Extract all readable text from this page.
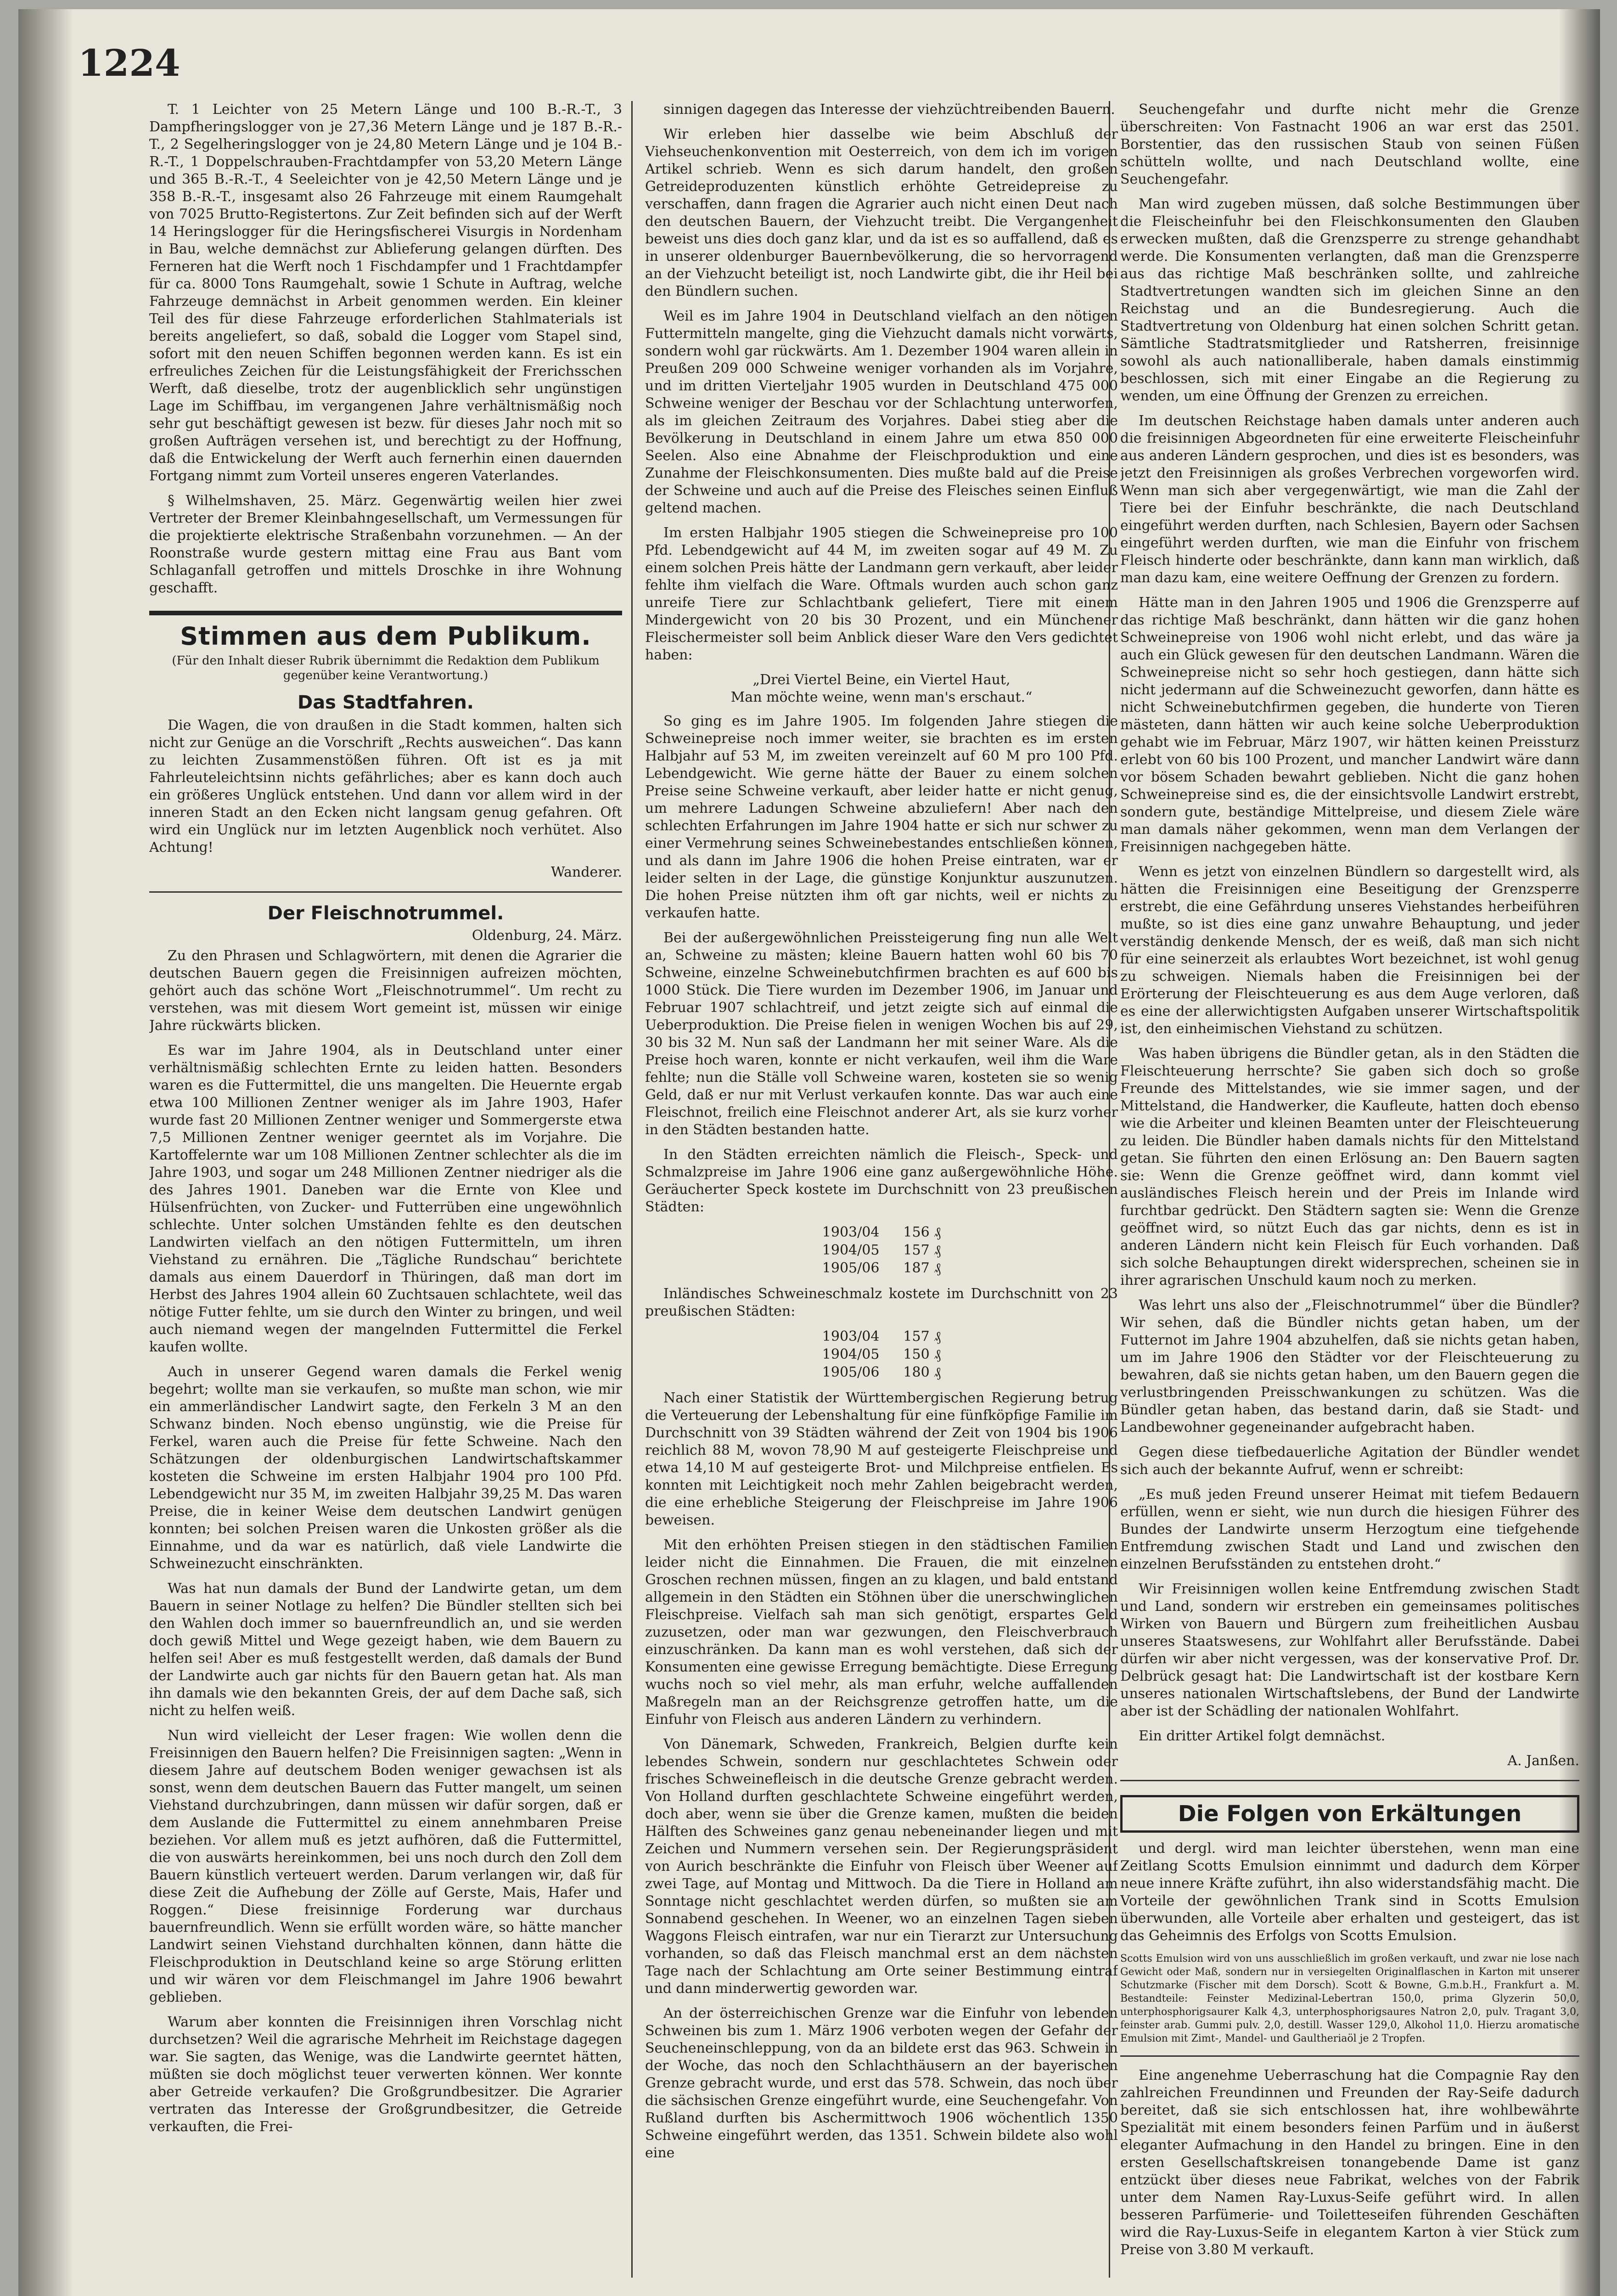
1224

T. 1 Leichter von 25 Metern Länge und 100 B.-R.-T., 3 Dampfheringslogger von je 27,36 Metern Länge und je 187 B.-R.-T., 2 Segelheringslogger von je 24,80 Metern Länge und je 104 B.-R.-T., 1 Doppelschrauben-Frachtdampfer von 53,20 Metern Länge und 365 B.-R.-T., 4 Seeleichter von je 42,50 Metern Länge und je 358 B.-R.-T., insgesamt also 26 Fahrzeuge mit einem Raumgehalt von 7025 Brutto-Registertons. Zur Zeit befinden sich auf der Werft 14 Heringslogger für die Heringsfischerei Visurgis in Nordenham in Bau, welche demnächst zur Ablieferung gelangen dürften. Des Ferneren hat die Werft noch 1 Fischdampfer und 1 Frachtdampfer für ca. 8000 Tons Raumgehalt, sowie 1 Schute in Auftrag, welche Fahrzeuge demnächst in Arbeit genommen werden. Ein kleiner Teil des für diese Fahrzeuge erforderlichen Stahlmaterials ist bereits angeliefert, so daß, sobald die Logger vom Stapel sind, sofort mit den neuen Schiffen begonnen werden kann. Es ist ein erfreuliches Zeichen für die Leistungsfähigkeit der Frerichsschen Werft, daß dieselbe, trotz der augenblicklich sehr ungünstigen Lage im Schiffbau, im vergangenen Jahre verhältnismäßig noch sehr gut beschäftigt gewesen ist bezw. für dieses Jahr noch mit so großen Aufträgen versehen ist, und berechtigt zu der Hoffnung, daß die Entwickelung der Werft auch fernerhin einen dauernden Fortgang nimmt zum Vorteil unseres engeren Vaterlandes.

§ Wilhelmshaven, 25. März. Gegenwärtig weilen hier zwei Vertreter der Bremer Kleinbahngesellschaft, um Vermessungen für die projektierte elektrische Straßenbahn vorzunehmen. — An der Roonstraße wurde gestern mittag eine Frau aus Bant vom Schlaganfall getroffen und mittels Droschke in ihre Wohnung geschafft.

Stimmen aus dem Publikum.
(Für den Inhalt dieser Rubrik übernimmt die Redaktion dem Publikum gegenüber keine Verantwortung.)
Das Stadtfahren.

Die Wagen, die von draußen in die Stadt kommen, halten sich nicht zur Genüge an die Vorschrift „Rechts ausweichen“. Das kann zu leichten Zusammenstößen führen. Oft ist es ja mit Fahrleuteleichtsinn nichts gefährliches; aber es kann doch auch ein größeres Unglück entstehen. Und dann vor allem wird in der inneren Stadt an den Ecken nicht langsam genug gefahren. Oft wird ein Unglück nur im letzten Augenblick noch verhütet. Also Achtung!

Wanderer.

Der Fleischnotrummel.
Oldenburg, 24. März.

Zu den Phrasen und Schlagwörtern, mit denen die Agrarier die deutschen Bauern gegen die Freisinnigen aufreizen möchten, gehört auch das schöne Wort „Fleischnotrummel“. Um recht zu verstehen, was mit diesem Wort gemeint ist, müssen wir einige Jahre rückwärts blicken.

Es war im Jahre 1904, als in Deutschland unter einer verhältnismäßig schlechten Ernte zu leiden hatten. Besonders waren es die Futtermittel, die uns mangelten. Die Heuernte ergab etwa 100 Millionen Zentner weniger als im Jahre 1903, Hafer wurde fast 20 Millionen Zentner weniger und Sommergerste etwa 7,5 Millionen Zentner weniger geerntet als im Vorjahre. Die Kartoffelernte war um 108 Millionen Zentner schlechter als die im Jahre 1903, und sogar um 248 Millionen Zentner niedriger als die des Jahres 1901. Daneben war die Ernte von Klee und Hülsenfrüchten, von Zucker- und Futterrüben eine ungewöhnlich schlechte. Unter solchen Umständen fehlte es den deutschen Landwirten vielfach an den nötigen Futtermitteln, um ihren Viehstand zu ernähren. Die „Tägliche Rundschau“ berichtete damals aus einem Dauerdorf in Thüringen, daß man dort im Herbst des Jahres 1904 allein 60 Zuchtsauen schlachtete, weil das nötige Futter fehlte, um sie durch den Winter zu bringen, und weil auch niemand wegen der mangelnden Futtermittel die Ferkel kaufen wollte.

Auch in unserer Gegend waren damals die Ferkel wenig begehrt; wollte man sie verkaufen, so mußte man schon, wie mir ein ammerländischer Landwirt sagte, den Ferkeln 3 M an den Schwanz binden. Noch ebenso ungünstig, wie die Preise für Ferkel, waren auch die Preise für fette Schweine. Nach den Schätzungen der oldenburgischen Landwirtschaftskammer kosteten die Schweine im ersten Halbjahr 1904 pro 100 Pfd. Lebendgewicht nur 35 M, im zweiten Halbjahr 39,25 M. Das waren Preise, die in keiner Weise dem deutschen Landwirt genügen konnten; bei solchen Preisen waren die Unkosten größer als die Einnahme, und da war es natürlich, daß viele Landwirte die Schweinezucht einschränkten.

Was hat nun damals der Bund der Landwirte getan, um dem Bauern in seiner Notlage zu helfen? Die Bündler stellten sich bei den Wahlen doch immer so bauernfreundlich an, und sie werden doch gewiß Mittel und Wege gezeigt haben, wie dem Bauern zu helfen sei! Aber es muß festgestellt werden, daß damals der Bund der Landwirte auch gar nichts für den Bauern getan hat. Als man ihn damals wie den bekannten Greis, der auf dem Dache saß, sich nicht zu helfen weiß.

Nun wird vielleicht der Leser fragen: Wie wollen denn die Freisinnigen den Bauern helfen? Die Freisinnigen sagten: „Wenn in diesem Jahre auf deutschem Boden weniger gewachsen ist als sonst, wenn dem deutschen Bauern das Futter mangelt, um seinen Viehstand durchzubringen, dann müssen wir dafür sorgen, daß er dem Auslande die Futtermittel zu einem annehmbaren Preise beziehen. Vor allem muß es jetzt aufhören, daß die Futtermittel, die von auswärts hereinkommen, bei uns noch durch den Zoll dem Bauern künstlich verteuert werden. Darum verlangen wir, daß für diese Zeit die Aufhebung der Zölle auf Gerste, Mais, Hafer und Roggen.“ Diese freisinnige Forderung war durchaus bauernfreundlich. Wenn sie erfüllt worden wäre, so hätte mancher Landwirt seinen Viehstand durchhalten können, dann hätte die Fleischproduktion in Deutschland keine so arge Störung erlitten und wir wären vor dem Fleischmangel im Jahre 1906 bewahrt geblieben.

Warum aber konnten die Freisinnigen ihren Vorschlag nicht durchsetzen? Weil die agrarische Mehrheit im Reichstage dagegen war. Sie sagten, das Wenige, was die Landwirte geerntet hätten, müßten sie doch möglichst teuer verwerten können. Wer konnte aber Getreide verkaufen? Die Großgrundbesitzer. Die Agrarier vertraten das Interesse der Großgrundbesitzer, die Getreide verkauften, die Frei-

sinnigen dagegen das Interesse der viehzüchtreibenden Bauern.

Wir erleben hier dasselbe wie beim Abschluß der Viehseuchenkonvention mit Oesterreich, von dem ich im vorigen Artikel schrieb. Wenn es sich darum handelt, den großen Getreideproduzenten künstlich erhöhte Getreidepreise zu verschaffen, dann fragen die Agrarier auch nicht einen Deut nach den deutschen Bauern, der Viehzucht treibt. Die Vergangenheit beweist uns dies doch ganz klar, und da ist es so auffallend, daß es in unserer oldenburger Bauernbevölkerung, die so hervorragend an der Viehzucht beteiligt ist, noch Landwirte gibt, die ihr Heil bei den Bündlern suchen.

Weil es im Jahre 1904 in Deutschland vielfach an den nötigen Futtermitteln mangelte, ging die Viehzucht damals nicht vorwärts, sondern wohl gar rückwärts. Am 1. Dezember 1904 waren allein in Preußen 209 000 Schweine weniger vorhanden als im Vorjahre, und im dritten Vierteljahr 1905 wurden in Deutschland 475 000 Schweine weniger der Beschau vor der Schlachtung unterworfen, als im gleichen Zeitraum des Vorjahres. Dabei stieg aber die Bevölkerung in Deutschland in einem Jahre um etwa 850 000 Seelen. Also eine Abnahme der Fleischproduktion und eine Zunahme der Fleischkonsumenten. Dies mußte bald auf die Preise der Schweine und auch auf die Preise des Fleisches seinen Einfluß geltend machen.

Im ersten Halbjahr 1905 stiegen die Schweinepreise pro 100 Pfd. Lebendgewicht auf 44 M, im zweiten sogar auf 49 M. Zu einem solchen Preis hätte der Landmann gern verkauft, aber leider fehlte ihm vielfach die Ware. Oftmals wurden auch schon ganz unreife Tiere zur Schlachtbank geliefert, Tiere mit einem Mindergewicht von 20 bis 30 Prozent, und ein Münchener Fleischermeister soll beim Anblick dieser Ware den Vers gedichtet haben:

„Drei Viertel Beine, ein Viertel Haut,
Man möchte weine, wenn man's erschaut.“

So ging es im Jahre 1905. Im folgenden Jahre stiegen die Schweinepreise noch immer weiter, sie brachten es im ersten Halbjahr auf 53 M, im zweiten vereinzelt auf 60 M pro 100 Pfd. Lebendgewicht. Wie gerne hätte der Bauer zu einem solchen Preise seine Schweine verkauft, aber leider hatte er nicht genug, um mehrere Ladungen Schweine abzuliefern! Aber nach den schlechten Erfahrungen im Jahre 1904 hatte er sich nur schwer zu einer Vermehrung seines Schweinebestandes entschließen können, und als dann im Jahre 1906 die hohen Preise eintraten, war er leider selten in der Lage, die günstige Konjunktur auszunutzen. Die hohen Preise nützten ihm oft gar nichts, weil er nichts zu verkaufen hatte.

Bei der außergewöhnlichen Preissteigerung fing nun alle Welt an, Schweine zu mästen; kleine Bauern hatten wohl 60 bis 70 Schweine, einzelne Schweinebutchfirmen brachten es auf 600 bis 1000 Stück. Die Tiere wurden im Dezember 1906, im Januar und Februar 1907 schlachtreif, und jetzt zeigte sich auf einmal die Ueberproduktion. Die Preise fielen in wenigen Wochen bis auf 29, 30 bis 32 M. Nun saß der Landmann her mit seiner Ware. Als die Preise hoch waren, konnte er nicht verkaufen, weil ihm die Ware fehlte; nun die Ställe voll Schweine waren, kosteten sie so wenig Geld, daß er nur mit Verlust verkaufen konnte. Das war auch eine Fleischnot, freilich eine Fleischnot anderer Art, als sie kurz vorher in den Städten bestanden hatte.

In den Städten erreichten nämlich die Fleisch-, Speck- und Schmalzpreise im Jahre 1906 eine ganz außergewöhnliche Höhe. Geräucherter Speck kostete im Durchschnitt von 23 preußischen Städten:

1903/04	156 ₰
1904/05	157 ₰
1905/06	187 ₰

Inländisches Schweineschmalz kostete im Durchschnitt von 23 preußischen Städten:

1903/04	157 ₰
1904/05	150 ₰
1905/06	180 ₰

Nach einer Statistik der Württembergischen Regierung betrug die Verteuerung der Lebenshaltung für eine fünfköpfige Familie im Durchschnitt von 39 Städten während der Zeit von 1904 bis 1906 reichlich 88 M, wovon 78,90 M auf gesteigerte Fleischpreise und etwa 14,10 M auf gesteigerte Brot- und Milchpreise entfielen. Es konnten mit Leichtigkeit noch mehr Zahlen beigebracht werden, die eine erhebliche Steigerung der Fleischpreise im Jahre 1906 beweisen.

Mit den erhöhten Preisen stiegen in den städtischen Familien leider nicht die Einnahmen. Die Frauen, die mit einzelnen Groschen rechnen müssen, fingen an zu klagen, und bald entstand allgemein in den Städten ein Stöhnen über die unerschwinglichen Fleischpreise. Vielfach sah man sich genötigt, erspartes Geld zuzusetzen, oder man war gezwungen, den Fleischverbrauch einzuschränken. Da kann man es wohl verstehen, daß sich der Konsumenten eine gewisse Erregung bemächtigte. Diese Erregung wuchs noch so viel mehr, als man erfuhr, welche auffallenden Maßregeln man an der Reichsgrenze getroffen hatte, um die Einfuhr von Fleisch aus anderen Ländern zu verhindern.

Von Dänemark, Schweden, Frankreich, Belgien durfte kein lebendes Schwein, sondern nur geschlachtetes Schwein oder frisches Schweinefleisch in die deutsche Grenze gebracht werden. Von Holland durften geschlachtete Schweine eingeführt werden, doch aber, wenn sie über die Grenze kamen, mußten die beiden Hälften des Schweines ganz genau nebeneinander liegen und mit Zeichen und Nummern versehen sein. Der Regierungspräsident von Aurich beschränkte die Einfuhr von Fleisch über Weener auf zwei Tage, auf Montag und Mittwoch. Da die Tiere in Holland am Sonntage nicht geschlachtet werden dürfen, so mußten sie am Sonnabend geschehen. In Weener, wo an einzelnen Tagen sieben Waggons Fleisch eintrafen, war nur ein Tierarzt zur Untersuchung vorhanden, so daß das Fleisch manchmal erst an dem nächsten Tage nach der Schlachtung am Orte seiner Bestimmung eintraf und dann minderwertig geworden war.

An der österreichischen Grenze war die Einfuhr von lebenden Schweinen bis zum 1. März 1906 verboten wegen der Gefahr der Seucheneinschleppung, von da an bildete erst das 963. Schwein in der Woche, das noch den Schlachthäusern an der bayerischen Grenze gebracht wurde, und erst das 578. Schwein, das noch über die sächsischen Grenze eingeführt wurde, eine Seuchengefahr. Von Rußland durften bis Aschermittwoch 1906 wöchentlich 1350 Schweine eingeführt werden, das 1351. Schwein bildete also wohl eine

Seuchengefahr und durfte nicht mehr die Grenze überschreiten: Von Fastnacht 1906 an war erst das 2501. Borstentier, das den russischen Staub von seinen Füßen schütteln wollte, und nach Deutschland wollte, eine Seuchengefahr.

Man wird zugeben müssen, daß solche Bestimmungen über die Fleischeinfuhr bei den Fleischkonsumenten den Glauben erwecken mußten, daß die Grenzsperre zu strenge gehandhabt werde. Die Konsumenten verlangten, daß man die Grenzsperre aus das richtige Maß beschränken sollte, und zahlreiche Stadtvertretungen wandten sich im gleichen Sinne an den Reichstag und an die Bundesregierung. Auch die Stadtvertretung von Oldenburg hat einen solchen Schritt getan. Sämtliche Stadtratsmitglieder und Ratsherren, freisinnige sowohl als auch nationalliberale, haben damals einstimmig beschlossen, sich mit einer Eingabe an die Regierung zu wenden, um eine Öffnung der Grenzen zu erreichen.

Im deutschen Reichstage haben damals unter anderen auch die freisinnigen Abgeordneten für eine erweiterte Fleischeinfuhr aus anderen Ländern gesprochen, und dies ist es besonders, was jetzt den Freisinnigen als großes Verbrechen vorgeworfen wird. Wenn man sich aber vergegenwärtigt, wie man die Zahl der Tiere bei der Einfuhr beschränkte, die nach Deutschland eingeführt werden durften, nach Schlesien, Bayern oder Sachsen eingeführt werden durften, wie man die Einfuhr von frischem Fleisch hinderte oder beschränkte, dann kann man wirklich, daß man dazu kam, eine weitere Oeffnung der Grenzen zu fordern.

Hätte man in den Jahren 1905 und 1906 die Grenzsperre auf das richtige Maß beschränkt, dann hätten wir die ganz hohen Schweinepreise von 1906 wohl nicht erlebt, und das wäre ja auch ein Glück gewesen für den deutschen Landmann. Wären die Schweinepreise nicht so sehr hoch gestiegen, dann hätte sich nicht jedermann auf die Schweinezucht geworfen, dann hätte es nicht Schweinebutchfirmen gegeben, die hunderte von Tieren mästeten, dann hätten wir auch keine solche Ueberproduktion gehabt wie im Februar, März 1907, wir hätten keinen Preissturz erlebt von 60 bis 100 Prozent, und mancher Landwirt wäre dann vor bösem Schaden bewahrt geblieben. Nicht die ganz hohen Schweinepreise sind es, die der einsichtsvolle Landwirt erstrebt, sondern gute, beständige Mittelpreise, und diesem Ziele wäre man damals näher gekommen, wenn man dem Verlangen der Freisinnigen nachgegeben hätte.

Wenn es jetzt von einzelnen Bündlern so dargestellt wird, als hätten die Freisinnigen eine Beseitigung der Grenzsperre erstrebt, die eine Gefährdung unseres Viehstandes herbeiführen mußte, so ist dies eine ganz unwahre Behauptung, und jeder verständig denkende Mensch, der es weiß, daß man sich nicht für eine seinerzeit als erlaubtes Wort bezeichnet, ist wohl genug zu schweigen. Niemals haben die Freisinnigen bei der Erörterung der Fleischteuerung es aus dem Auge verloren, daß es eine der allerwichtigsten Aufgaben unserer Wirtschaftspolitik ist, den einheimischen Viehstand zu schützen.

Was haben übrigens die Bündler getan, als in den Städten die Fleischteuerung herrschte? Sie gaben sich doch so große Freunde des Mittelstandes, wie sie immer sagen, und der Mittelstand, die Handwerker, die Kaufleute, hatten doch ebenso wie die Arbeiter und kleinen Beamten unter der Fleischteuerung zu leiden. Die Bündler haben damals nichts für den Mittelstand getan. Sie führten den einen Erlösung an: Den Bauern sagten sie: Wenn die Grenze geöffnet wird, dann kommt viel ausländisches Fleisch herein und der Preis im Inlande wird furchtbar gedrückt. Den Städtern sagten sie: Wenn die Grenze geöffnet wird, so nützt Euch das gar nichts, denn es ist in anderen Ländern nicht kein Fleisch für Euch vorhanden. Daß sich solche Behauptungen direkt widersprechen, scheinen sie in ihrer agrarischen Unschuld kaum noch zu merken.

Was lehrt uns also der „Fleischnotrummel“ über die Bündler? Wir sehen, daß die Bündler nichts getan haben, um der Futternot im Jahre 1904 abzuhelfen, daß sie nichts getan haben, um im Jahre 1906 den Städter vor der Fleischteuerung zu bewahren, daß sie nichts getan haben, um den Bauern gegen die verlustbringenden Preisschwankungen zu schützen. Was die Bündler getan haben, das bestand darin, daß sie Stadt- und Landbewohner gegeneinander aufgebracht haben.

Gegen diese tiefbedauerliche Agitation der Bündler wendet sich auch der bekannte Aufruf, wenn er schreibt:

„Es muß jeden Freund unserer Heimat mit tiefem Bedauern erfüllen, wenn er sieht, wie nun durch die hiesigen Führer des Bundes der Landwirte unserm Herzogtum eine tiefgehende Entfremdung zwischen Stadt und Land und zwischen den einzelnen Berufsständen zu entstehen droht.“

Wir Freisinnigen wollen keine Entfremdung zwischen Stadt und Land, sondern wir erstreben ein gemeinsames politisches Wirken von Bauern und Bürgern zum freiheitlichen Ausbau unseres Staatswesens, zur Wohlfahrt aller Berufsstände. Dabei dürfen wir aber nicht vergessen, was der konservative Prof. Dr. Delbrück gesagt hat: Die Landwirtschaft ist der kostbare Kern unseres nationalen Wirtschaftslebens, der Bund der Landwirte aber ist der Schädling der nationalen Wohlfahrt.

Ein dritter Artikel folgt demnächst.

A. Janßen.

Die Folgen von Erkältungen

und dergl. wird man leichter überstehen, wenn man eine Zeitlang Scotts Emulsion einnimmt und dadurch dem Körper neue innere Kräfte zuführt, ihn also widerstandsfähig macht. Die Vorteile der gewöhnlichen Trank sind in Scotts Emulsion überwunden, alle Vorteile aber erhalten und gesteigert, das ist das Geheimnis des Erfolgs von Scotts Emulsion.

Scotts Emulsion wird von uns ausschließlich im großen verkauft, und zwar nie lose nach Gewicht oder Maß, sondern nur in versiegelten Originalflaschen in Karton mit unserer Schutzmarke (Fischer mit dem Dorsch). Scott & Bowne, G.m.b.H., Frankfurt a. M. Bestandteile: Feinster Medizinal-Lebertran 150,0, prima Glyzerin 50,0, unterphosphorigsaurer Kalk 4,3, unterphosphorigsaures Natron 2,0, pulv. Tragant 3,0, feinster arab. Gummi pulv. 2,0, destill. Wasser 129,0, Alkohol 11,0. Hierzu aromatische Emulsion mit Zimt-, Mandel- und Gaultheriaöl je 2 Tropfen.

Eine angenehme Ueberraschung hat die Compagnie Ray den zahlreichen Freundinnen und Freunden der Ray-Seife dadurch bereitet, daß sie sich entschlossen hat, ihre wohlbewährte Spezialität mit einem besonders feinen Parfüm und in äußerst eleganter Aufmachung in den Handel zu bringen. Eine in den ersten Gesellschaftskreisen tonangebende Dame ist ganz entzückt über dieses neue Fabrikat, welches von der Fabrik unter dem Namen Ray-Luxus-Seife geführt wird. In allen besseren Parfümerie- und Toiletteseifen führenden Geschäften wird die Ray-Luxus-Seife in elegantem Karton à vier Stück zum Preise von 3.80 M verkauft.
